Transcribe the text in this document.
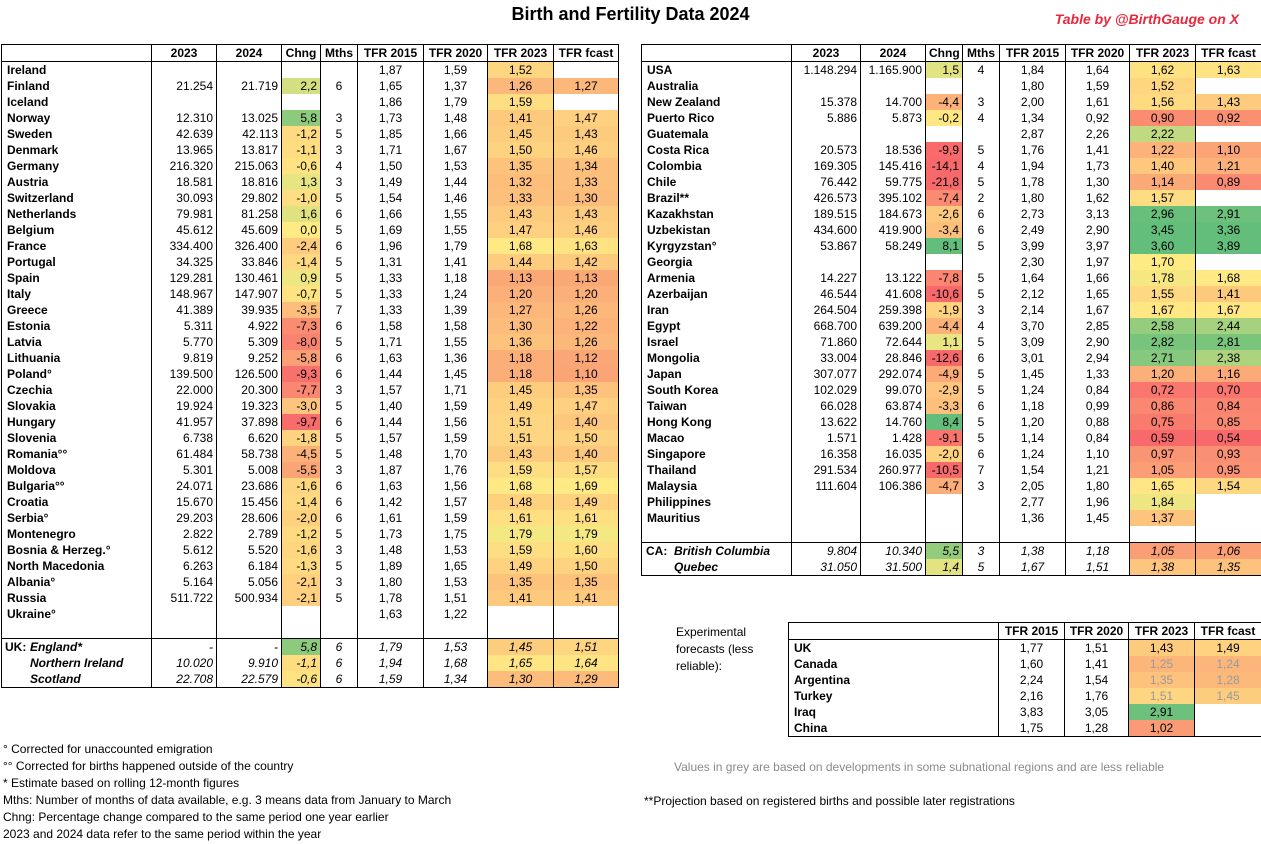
Birth and Fertility Data 2024	Table by @BirthGauge on X
	2023	2024	Chng	Mths	TFR 2015	TFR 2020	TFR 2023	TFR fcast
Ireland					1,87	1,59	1,52	
Finland	21.254	21.719	2,2	6	1,65	1,37	1,26	1,27
Iceland					1,86	1,79	1,59	
Norway	12.310	13.025	5,8	3	1,73	1,48	1,41	1,47
Sweden	42.639	42.113	-1,2	5	1,85	1,66	1,45	1,43
Denmark	13.965	13.817	-1,1	3	1,71	1,67	1,50	1,46
Germany	216.320	215.063	-0,6	4	1,50	1,53	1,35	1,34
Austria	18.581	18.816	1,3	3	1,49	1,44	1,32	1,33
Switzerland	30.093	29.802	-1,0	5	1,54	1,46	1,33	1,30
Netherlands	79.981	81.258	1,6	6	1,66	1,55	1,43	1,43
Belgium	45.612	45.609	0,0	5	1,69	1,55	1,47	1,46
France	334.400	326.400	-2,4	6	1,96	1,79	1,68	1,63
Portugal	34.325	33.846	-1,4	5	1,31	1,41	1,44	1,42
Spain	129.281	130.461	0,9	5	1,33	1,18	1,13	1,13
Italy	148.967	147.907	-0,7	5	1,33	1,24	1,20	1,20
Greece	41.389	39.935	-3,5	7	1,33	1,39	1,27	1,26
Estonia	5.311	4.922	-7,3	6	1,58	1,58	1,30	1,22
Latvia	5.770	5.309	-8,0	5	1,71	1,55	1,36	1,26
Lithuania	9.819	9.252	-5,8	6	1,63	1,36	1,18	1,12
Poland°	139.500	126.500	-9,3	6	1,44	1,45	1,18	1,10
Czechia	22.000	20.300	-7,7	3	1,57	1,71	1,45	1,35
Slovakia	19.924	19.323	-3,0	5	1,40	1,59	1,49	1,47
Hungary	41.957	37.898	-9,7	6	1,44	1,56	1,51	1,40
Slovenia	6.738	6.620	-1,8	5	1,57	1,59	1,51	1,50
Romania°°	61.484	58.738	-4,5	5	1,48	1,70	1,43	1,40
Moldova	5.301	5.008	-5,5	3	1,87	1,76	1,59	1,57
Bulgaria°°	24.071	23.686	-1,6	6	1,63	1,56	1,68	1,69
Croatia	15.670	15.456	-1,4	6	1,42	1,57	1,48	1,49
Serbia°	29.203	28.606	-2,0	6	1,61	1,59	1,61	1,61
Montenegro	2.822	2.789	-1,2	5	1,73	1,75	1,79	1,79
Bosnia & Herzeg.°	5.612	5.520	-1,6	3	1,48	1,53	1,59	1,60
North Macedonia	6.263	6.184	-1,3	5	1,89	1,65	1,49	1,50
Albania°	5.164	5.056	-2,1	3	1,80	1,53	1,35	1,35
Russia	511.722	500.934	-2,1	5	1,78	1,51	1,41	1,41
Ukraine°					1,63	1,22		

UK: England*	-	-	5,8	6	1,79	1,53	1,45	1,51
Northern Ireland	10.020	9.910	-1,1	6	1,94	1,68	1,65	1,64
Scotland	22.708	22.579	-0,6	6	1,59	1,34	1,30	1,29
	2023	2024	Chng	Mths	TFR 2015	TFR 2020	TFR 2023	TFR fcast
USA	1.148.294	1.165.900	1,5	4	1,84	1,64	1,62	1,63
Australia					1,80	1,59	1,52	
New Zealand	15.378	14.700	-4,4	3	2,00	1,61	1,56	1,43
Puerto Rico	5.886	5.873	-0,2	4	1,34	0,92	0,90	0,92
Guatemala					2,87	2,26	2,22	
Costa Rica	20.573	18.536	-9,9	5	1,76	1,41	1,22	1,10
Colombia	169.305	145.416	-14,1	4	1,94	1,73	1,40	1,21
Chile	76.442	59.775	-21,8	5	1,78	1,30	1,14	0,89
Brazil**	426.573	395.102	-7,4	2	1,80	1,62	1,57	
Kazakhstan	189.515	184.673	-2,6	6	2,73	3,13	2,96	2,91
Uzbekistan	434.600	419.900	-3,4	6	2,49	2,90	3,45	3,36
Kyrgyzstan°	53.867	58.249	8,1	5	3,99	3,97	3,60	3,89
Georgia					2,30	1,97	1,70	
Armenia	14.227	13.122	-7,8	5	1,64	1,66	1,78	1,68
Azerbaijan	46.544	41.608	-10,6	5	2,12	1,65	1,55	1,41
Iran	264.504	259.398	-1,9	3	2,14	1,67	1,67	1,67
Egypt	668.700	639.200	-4,4	4	3,70	2,85	2,58	2,44
Israel	71.860	72.644	1,1	5	3,09	2,90	2,82	2,81
Mongolia	33.004	28.846	-12,6	6	3,01	2,94	2,71	2,38
Japan	307.077	292.074	-4,9	5	1,45	1,33	1,20	1,16
South Korea	102.029	99.070	-2,9	5	1,24	0,84	0,72	0,70
Taiwan	66.028	63.874	-3,3	6	1,18	0,99	0,86	0,84
Hong Kong	13.622	14.760	8,4	5	1,20	0,88	0,75	0,85
Macao	1.571	1.428	-9,1	5	1,14	0,84	0,59	0,54
Singapore	16.358	16.035	-2,0	6	1,24	1,10	0,97	0,93
Thailand	291.534	260.977	-10,5	7	1,54	1,21	1,05	0,95
Malaysia	111.604	106.386	-4,7	3	2,05	1,80	1,65	1,54
Philippines					2,77	1,96	1,84	
Mauritius					1,36	1,45	1,37	

CA: British Columbia	9.804	10.340	5,5	3	1,38	1,18	1,05	1,06
Quebec	31.050	31.500	1,4	5	1,67	1,51	1,38	1,35
Experimental forecasts (less reliable):
	TFR 2015	TFR 2020	TFR 2023	TFR fcast
UK	1,77	1,51	1,43	1,49
Canada	1,60	1,41	1,25	1,24
Argentina	2,24	1,54	1,35	1,28
Turkey	2,16	1,76	1,51	1,45
Iraq	3,83	3,05	2,91	
China	1,75	1,28	1,02	
Values in grey are based on developments in some subnational regions and are less reliable
**Projection based on registered births and possible later registrations
° Corrected for unaccounted emigration
°° Corrected for births happened outside of the country
* Estimate based on rolling 12-month figures
Mths: Number of months of data available, e.g. 3 means data from January to March
Chng: Percentage change compared to the same period one year earlier
2023 and 2024 data refer to the same period within the year
